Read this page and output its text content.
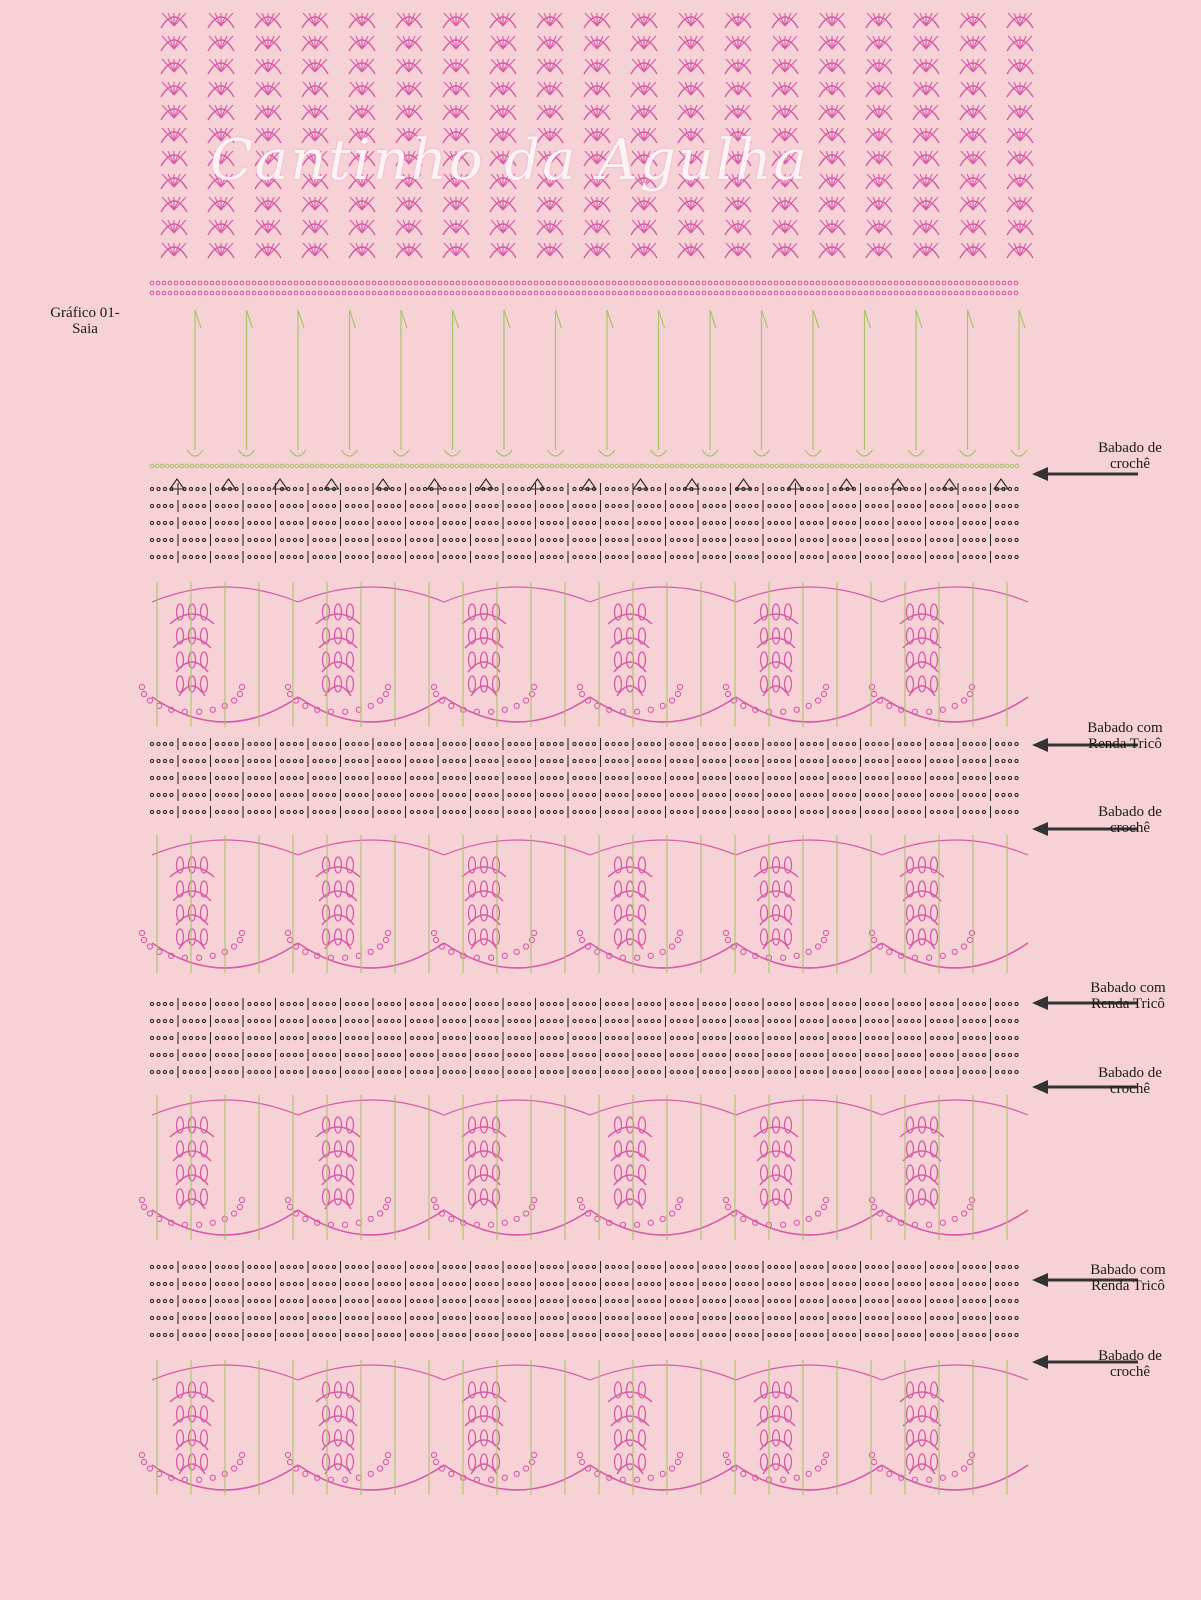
Cantinho da Agulha
Gráfico 01-
Saia
Babado de
crochê
Babado com
Renda Tricô
Babado de
crochê
Babado com
Renda Tricô
Babado de
crochê
Babado com
Renda Tricô
Babado de
crochê
